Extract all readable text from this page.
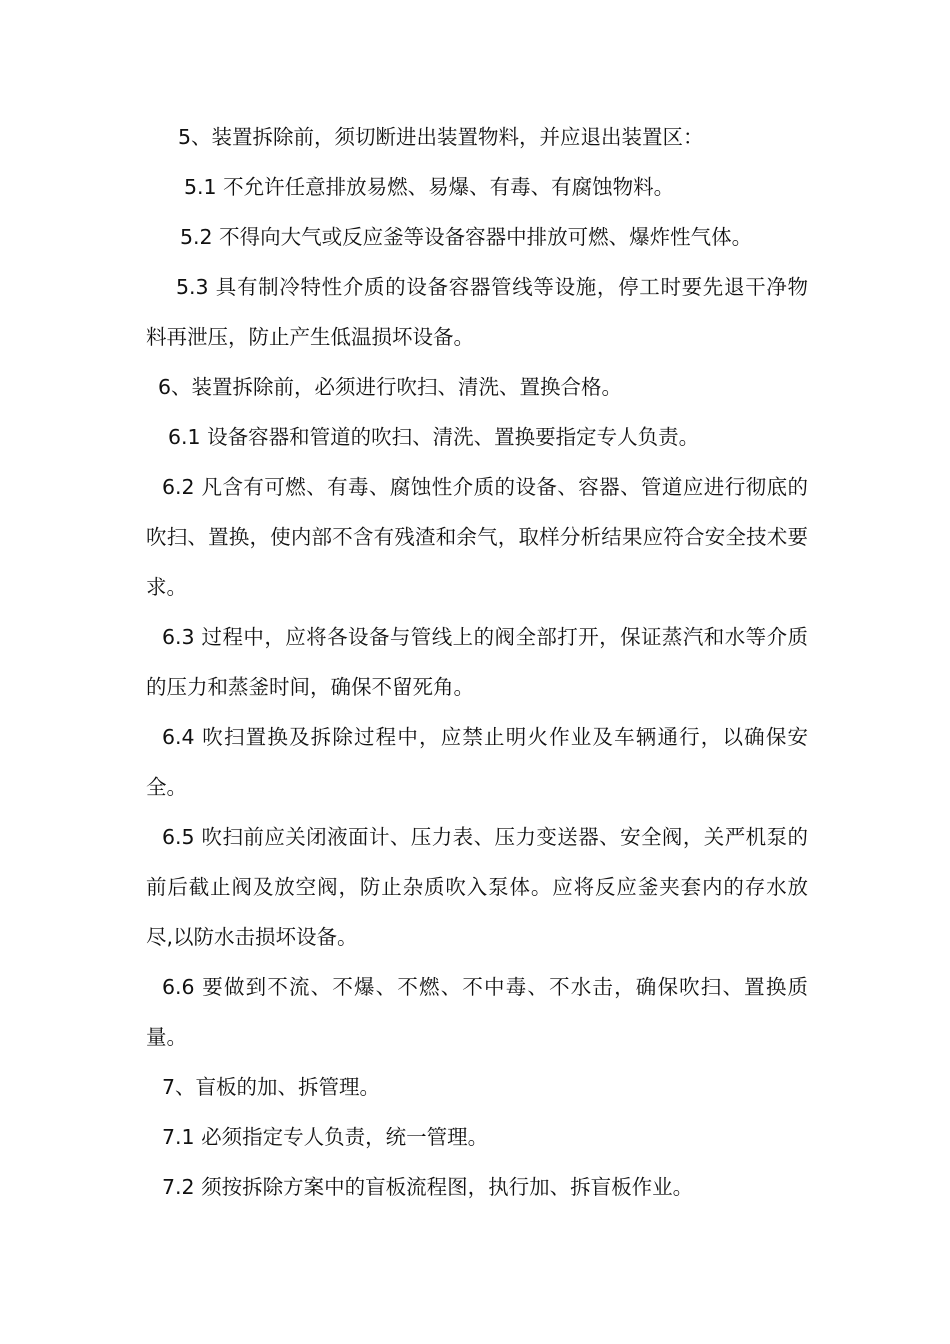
5、装置拆除前，须切断进出装置物料，并应退出装置区：

5.1 不允许任意排放易燃、易爆、有毒、有腐蚀物料。

5.2 不得向大气或反应釜等设备容器中排放可燃、爆炸性气体。

5.3 具有制冷特性介质的设备容器管线等设施，停工时要先退干净物料再泄压，防止产生低温损坏设备。

6、装置拆除前，必须进行吹扫、清洗、置换合格。

6.1 设备容器和管道的吹扫、清洗、置换要指定专人负责。

6.2 凡含有可燃、有毒、腐蚀性介质的设备、容器、管道应进行彻底的吹扫、置换，使内部不含有残渣和余气，取样分析结果应符合安全技术要求。

6.3 过程中，应将各设备与管线上的阀全部打开，保证蒸汽和水等介质的压力和蒸釜时间，确保不留死角。

6.4 吹扫置换及拆除过程中，应禁止明火作业及车辆通行，以确保安全。

6.5 吹扫前应关闭液面计、压力表、压力变送器、安全阀，关严机泵的前后截止阀及放空阀，防止杂质吹入泵体。应将反应釜夹套内的存水放尽,以防水击损坏设备。

6.6 要做到不流、不爆、不燃、不中毒、不水击，确保吹扫、置换质量。

7、盲板的加、拆管理。

7.1 必须指定专人负责，统一管理。

7.2 须按拆除方案中的盲板流程图，执行加、拆盲板作业。
